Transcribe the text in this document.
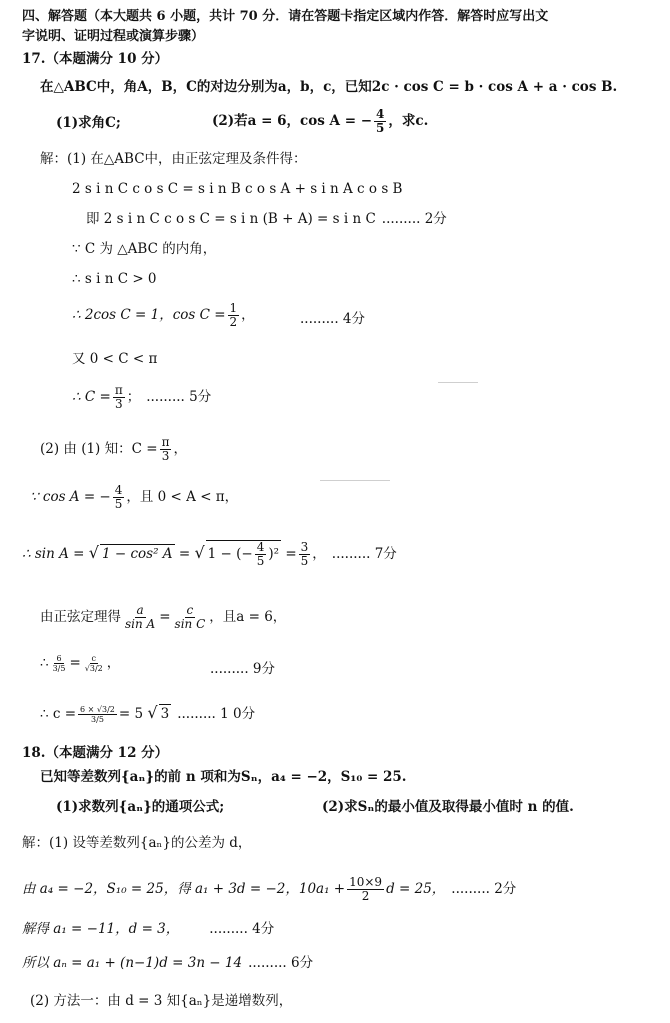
四、解答题（本大题共 6 小题，共计 70 分．请在答题卡指定区域内作答．解答时应写出文
字说明、证明过程或演算步骤）
17.（本题满分 10 分）
在△ABC中，角A，B，C的对边分别为a，b，c，已知2c · cos C = b · cos A + a · cos B.
(1)求角C;	(2)若a = 6，cos A = − $\frac{4}{5}$ ，求c.
解：(1) 在△ABC中，由正弦定理及条件得：
2 s i n C c o s C = s i n B c o s A + s i n A c o s B
即 2 s i n C c o s C = s i n (B + A) = s i n C ......... 2分
∵ C 为 △ABC 的内角，
∴ s i n C > 0
∴ 2cos C = 1，$\cos C = \frac{1}{2}$ ，	......... 4分
又 0 < C < π
∴ $C = \frac{\pi}{3}$ ； ......... 5分
(2) 由 (1) 知：$C = \frac{\pi}{3}$ ，
∵ cos A = − $\frac{4}{5}$ ，且 0 < A < π，
∴ sin A = √ 1 − cos² A = √ 1 − (− $\frac{4}{5} )^2 = \frac{3}{5}$ ， ......... 7分
由正弦定理得 $\frac{a}{\text{sin A}} = \frac{c}{\text{sin C}}$ ，且a = 6，
∴ $\frac{6}{3/5} = \frac{c}{√3/2}$ ，	......... 9分
∴ $c = \frac{6 \times √3/2}{3/5} = 5$ √ 3 ......... 1 0分
18.（本题满分 12 分）
已知等差数列{aₙ}的前 n 项和为Sₙ，a₄ = −2，S₁₀ = 25.
(1)求数列{aₙ}的通项公式;	(2)求Sₙ的最小值及取得最小值时 n 的值.
解：(1) 设等差数列{aₙ}的公差为 d，
由 a₄ = −2，S₁₀ = 25，得 a₁ + 3d = −2，$10a_1 + \frac{10\times 9}{2}$ d = 25， ......... 2分
解得 a₁ = −11，d = 3， ......... 4分
所以 aₙ = a₁ + (n−1)d = 3n − 14 ......... 6分
(2) 方法一：由 d = 3 知{aₙ}是递增数列，
